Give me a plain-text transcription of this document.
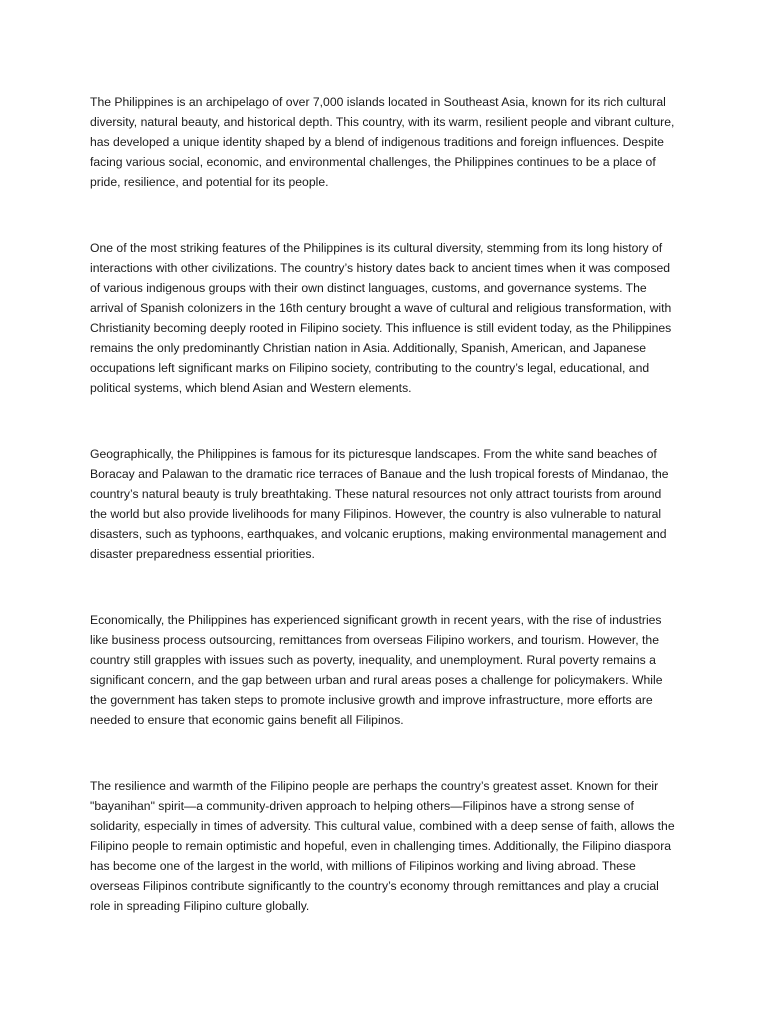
The Philippines is an archipelago of over 7,000 islands located in Southeast Asia, known for its rich cultural diversity, natural beauty, and historical depth. This country, with its warm, resilient people and vibrant culture, has developed a unique identity shaped by a blend of indigenous traditions and foreign influences. Despite facing various social, economic, and environmental challenges, the Philippines continues to be a place of pride, resilience, and potential for its people.

One of the most striking features of the Philippines is its cultural diversity, stemming from its long history of interactions with other civilizations. The country’s history dates back to ancient times when it was composed of various indigenous groups with their own distinct languages, customs, and governance systems. The arrival of Spanish colonizers in the 16th century brought a wave of cultural and religious transformation, with Christianity becoming deeply rooted in Filipino society. This influence is still evident today, as the Philippines remains the only predominantly Christian nation in Asia. Additionally, Spanish, American, and Japanese occupations left significant marks on Filipino society, contributing to the country’s legal, educational, and political systems, which blend Asian and Western elements.

Geographically, the Philippines is famous for its picturesque landscapes. From the white sand beaches of Boracay and Palawan to the dramatic rice terraces of Banaue and the lush tropical forests of Mindanao, the country’s natural beauty is truly breathtaking. These natural resources not only attract tourists from around the world but also provide livelihoods for many Filipinos. However, the country is also vulnerable to natural disasters, such as typhoons, earthquakes, and volcanic eruptions, making environmental management and disaster preparedness essential priorities.

Economically, the Philippines has experienced significant growth in recent years, with the rise of industries like business process outsourcing, remittances from overseas Filipino workers, and tourism. However, the country still grapples with issues such as poverty, inequality, and unemployment. Rural poverty remains a significant concern, and the gap between urban and rural areas poses a challenge for policymakers. While the government has taken steps to promote inclusive growth and improve infrastructure, more efforts are needed to ensure that economic gains benefit all Filipinos.

The resilience and warmth of the Filipino people are perhaps the country’s greatest asset. Known for their "bayanihan" spirit—a community-driven approach to helping others—Filipinos have a strong sense of solidarity, especially in times of adversity. This cultural value, combined with a deep sense of faith, allows the Filipino people to remain optimistic and hopeful, even in challenging times. Additionally, the Filipino diaspora has become one of the largest in the world, with millions of Filipinos working and living abroad. These overseas Filipinos contribute significantly to the country’s economy through remittances and play a crucial role in spreading Filipino culture globally.
